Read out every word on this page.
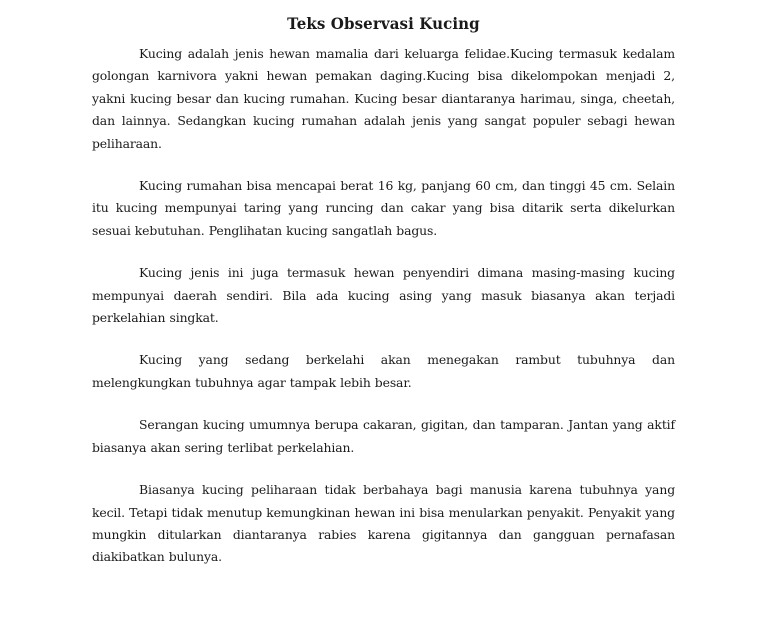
Teks Observasi Kucing

Kucing adalah jenis hewan mamalia dari keluarga felidae.Kucing termasuk kedalam golongan karnivora yakni hewan pemakan daging.Kucing bisa dikelompokan menjadi 2, yakni kucing besar dan kucing rumahan. Kucing besar diantaranya harimau, singa, cheetah, dan lainnya. Sedangkan kucing rumahan adalah jenis yang sangat populer sebagi hewan peliharaan.

Kucing rumahan bisa mencapai berat 16 kg, panjang 60 cm, dan tinggi 45 cm. Selain itu kucing mempunyai taring yang runcing dan cakar yang bisa ditarik serta dikelurkan sesuai kebutuhan. Penglihatan kucing sangatlah bagus.

Kucing jenis ini juga termasuk hewan penyendiri dimana masing-masing kucing mempunyai daerah sendiri. Bila ada kucing asing yang masuk biasanya akan terjadi perkelahian singkat.

Kucing yang sedang berkelahi akan menegakan rambut tubuhnya dan melengkungkan tubuhnya agar tampak lebih besar.

Serangan kucing umumnya berupa cakaran, gigitan, dan tamparan. Jantan yang aktif biasanya akan sering terlibat perkelahian.

Biasanya kucing peliharaan tidak berbahaya bagi manusia karena tubuhnya yang kecil. Tetapi tidak menutup kemungkinan hewan ini bisa menularkan penyakit. Penyakit yang mungkin ditularkan diantaranya rabies karena gigitannya dan gangguan pernafasan diakibatkan bulunya.
